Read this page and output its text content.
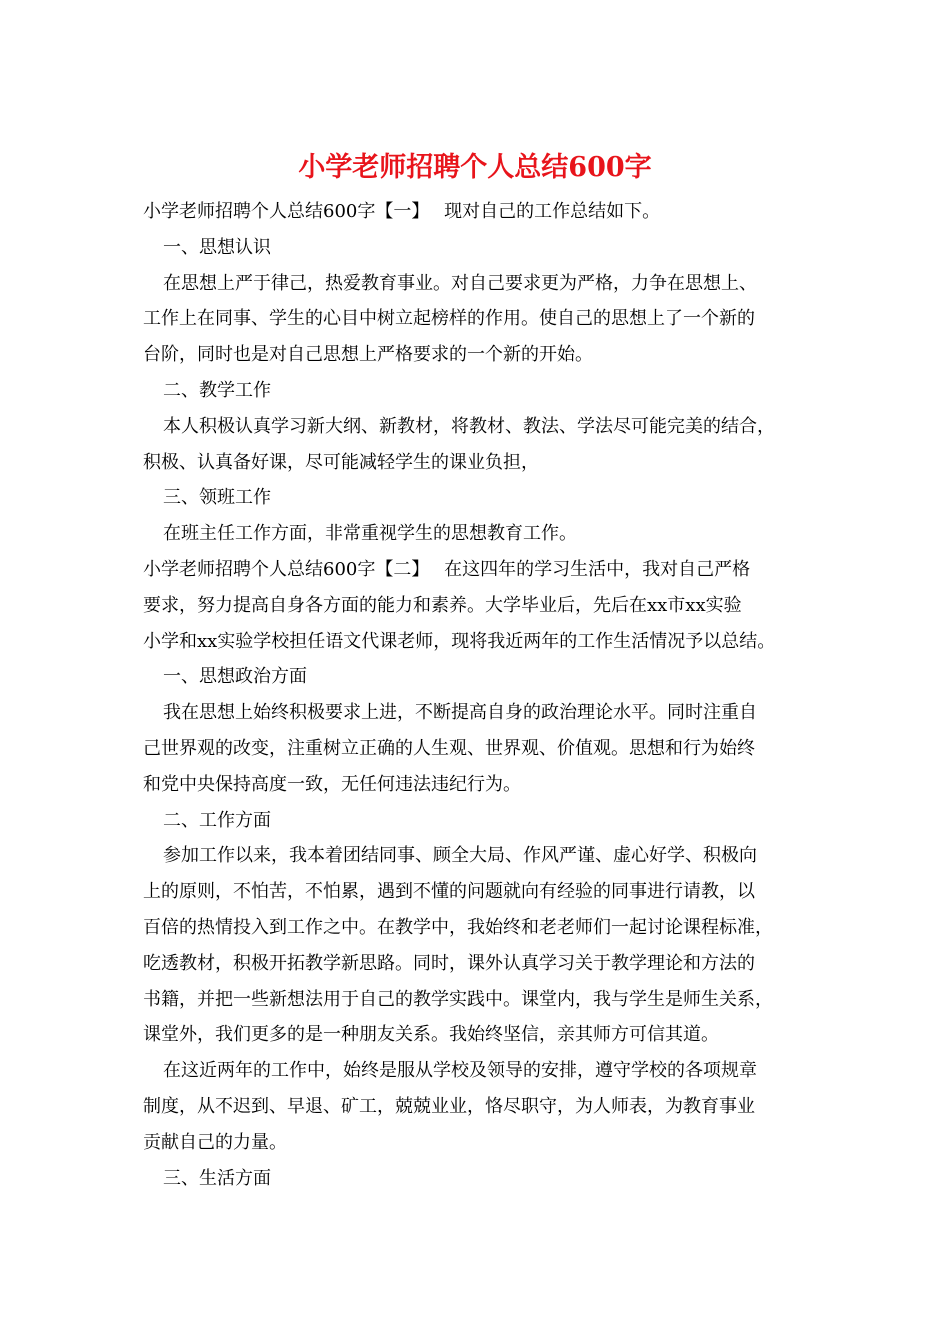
小学老师招聘个人总结600字
小学老师招聘个人总结600字【一】　 现对自己的工作总结如下。
一、思想认识
在思想上严于律己，热爱教育事业。对自己要求更为严格，力争在思想上、
工作上在同事、学生的心目中树立起榜样的作用。使自己的思想上了一个新的
台阶，同时也是对自己思想上严格要求的一个新的开始。
二、教学工作
本人积极认真学习新大纲、新教材，将教材、教法、学法尽可能完美的结合，
积极、认真备好课，尽可能减轻学生的课业负担，
三、领班工作
在班主任工作方面，非常重视学生的思想教育工作。
小学老师招聘个人总结600字【二】　 在这四年的学习生活中，我对自己严格
要求，努力提高自身各方面的能力和素养。大学毕业后，先后在xx市xx实验
小学和xx实验学校担任语文代课老师，现将我近两年的工作生活情况予以总结。
一、思想政治方面
我在思想上始终积极要求上进，不断提高自身的政治理论水平。同时注重自
己世界观的改变，注重树立正确的人生观、世界观、价值观。思想和行为始终
和党中央保持高度一致，无任何违法违纪行为。
二、工作方面
参加工作以来，我本着团结同事、顾全大局、作风严谨、虚心好学、积极向
上的原则，不怕苦，不怕累，遇到不懂的问题就向有经验的同事进行请教，以
百倍的热情投入到工作之中。在教学中，我始终和老老师们一起讨论课程标准，
吃透教材，积极开拓教学新思路。同时，课外认真学习关于教学理论和方法的
书籍，并把一些新想法用于自己的教学实践中。课堂内，我与学生是师生关系，
课堂外，我们更多的是一种朋友关系。我始终坚信，亲其师方可信其道。
在这近两年的工作中，始终是服从学校及领导的安排，遵守学校的各项规章
制度，从不迟到、早退、矿工，兢兢业业，恪尽职守，为人师表，为教育事业
贡献自己的力量。
三、生活方面
